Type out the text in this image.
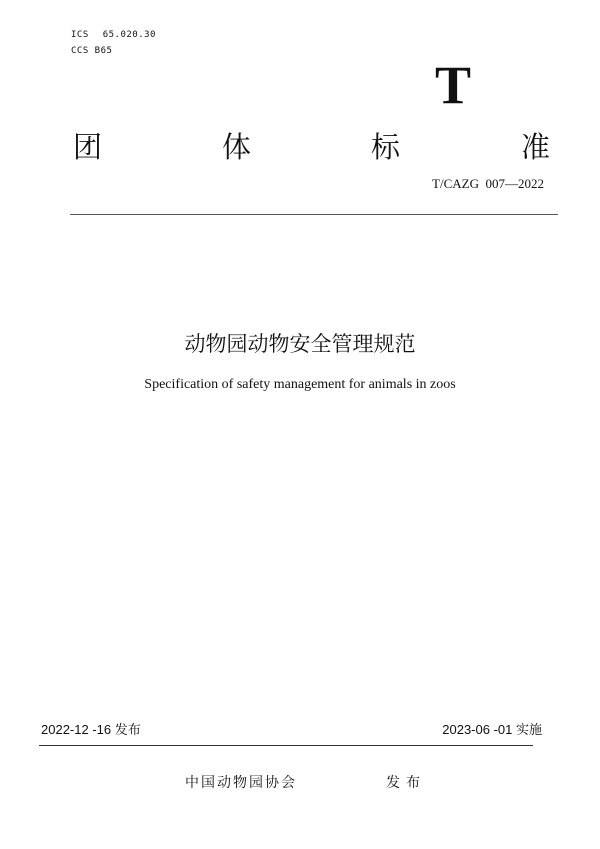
ICS 65.020.30
CCS B65
T
团	体	标	准
T/CAZG  007—2022
动物园动物安全管理规范
Specification of safety management for animals in zoos
2022-12 -16 发布	2023-06 -01 实施
中国动物园协会	发布
